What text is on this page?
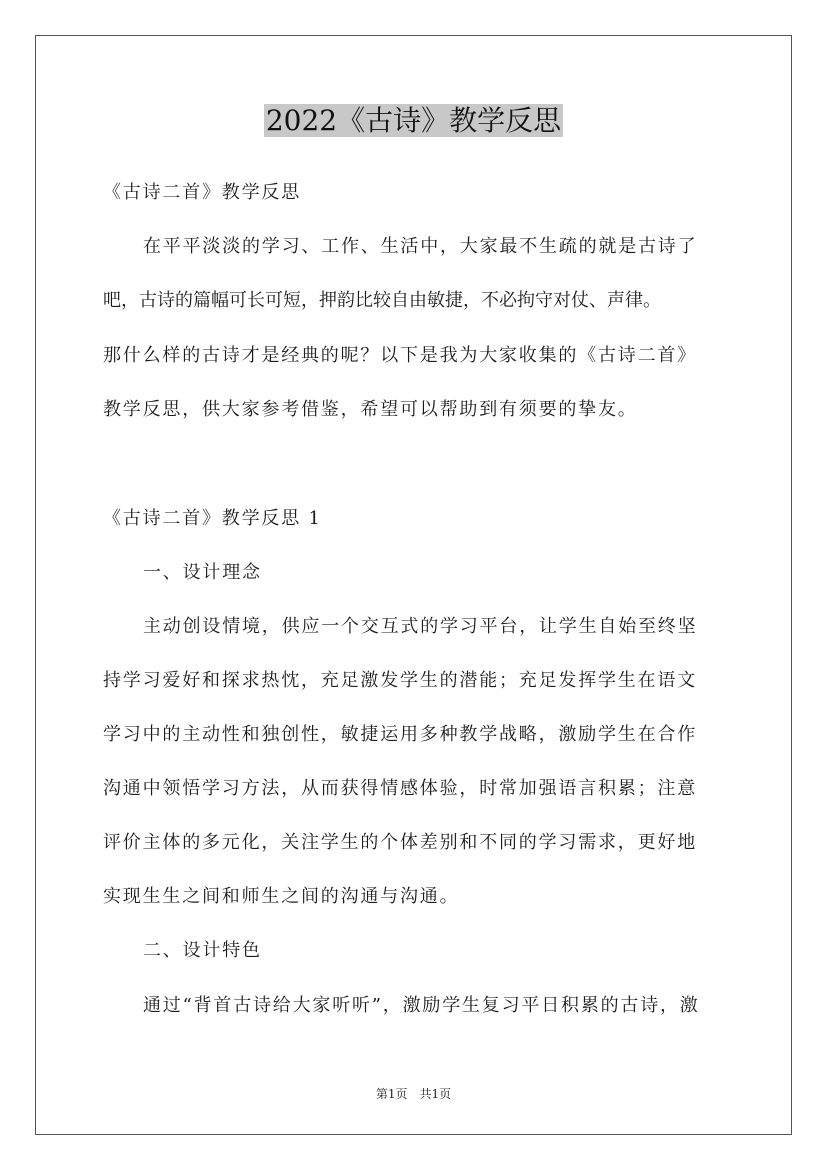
2022《古诗》教学反思
《古诗二首》教学反思
在平平淡淡的学习、工作、生活中，大家最不生疏的就是古诗了
吧，古诗的篇幅可长可短，押韵比较自由敏捷，不必拘守对仗、声律。
那什么样的古诗才是经典的呢？以下是我为大家收集的《古诗二首》
教学反思，供大家参考借鉴，希望可以帮助到有须要的挚友。
《古诗二首》教学反思 1
一、设计理念
主动创设情境，供应一个交互式的学习平台，让学生自始至终坚
持学习爱好和探求热忱，充足激发学生的潜能；充足发挥学生在语文
学习中的主动性和独创性，敏捷运用多种教学战略，激励学生在合作
沟通中领悟学习方法，从而获得情感体验，时常加强语言积累；注意
评价主体的多元化，关注学生的个体差别和不同的学习需求，更好地
实现生生之间和师生之间的沟通与沟通。
二、设计特色
通过“背首古诗给大家听听”，激励学生复习平日积累的古诗，激
第1页　共1页
